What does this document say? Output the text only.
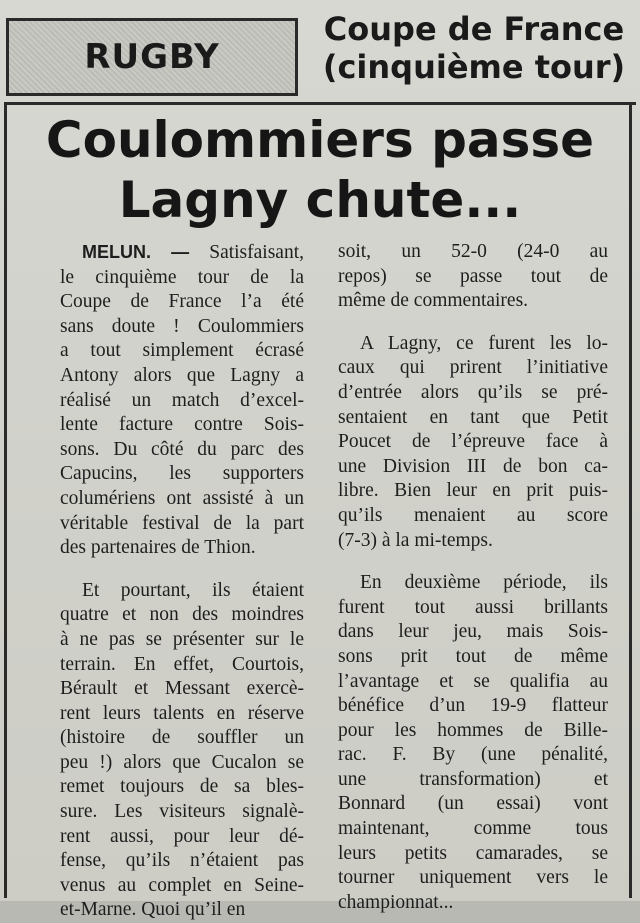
RUGBY
Coupe de France
(cinquième tour)
Coulommiers passe
Lagny chute...

MELUN. — Satisfaisant,
le cinquième tour de la
Coupe de France l’a été
sans doute ! Coulommiers
a tout simplement écrasé
Antony alors que Lagny a
réalisé un match d’excel-
lente facture contre Sois-
sons. Du côté du parc des
Capucins, les supporters
columériens ont assisté à un
véritable festival de la part
des partenaires de Thion.

Et pourtant, ils étaient
quatre et non des moindres
à ne pas se présenter sur le
terrain. En effet, Courtois,
Bérault et Messant exercè-
rent leurs talents en réserve
(histoire de souffler un
peu !) alors que Cucalon se
remet toujours de sa bles-
sure. Les visiteurs signalè-
rent aussi, pour leur dé-
fense, qu’ils n’étaient pas
venus au complet en Seine-
et-Marne. Quoi qu’il en

soit, un 52-0 (24-0 au
repos) se passe tout de
même de commentaires.

A Lagny, ce furent les lo-
caux qui prirent l’initiative
d’entrée alors qu’ils se pré-
sentaient en tant que Petit
Poucet de l’épreuve face à
une Division III de bon ca-
libre. Bien leur en prit puis-
qu’ils menaient au score
(7-3) à la mi-temps.

En deuxième période, ils
furent tout aussi brillants
dans leur jeu, mais Sois-
sons prit tout de même
l’avantage et se qualifia au
bénéfice d’un 19-9 flatteur
pour les hommes de Bille-
rac. F. By (une pénalité,
une transformation) et
Bonnard (un essai) vont
maintenant, comme tous
leurs petits camarades, se
tourner uniquement vers le
championnat...
